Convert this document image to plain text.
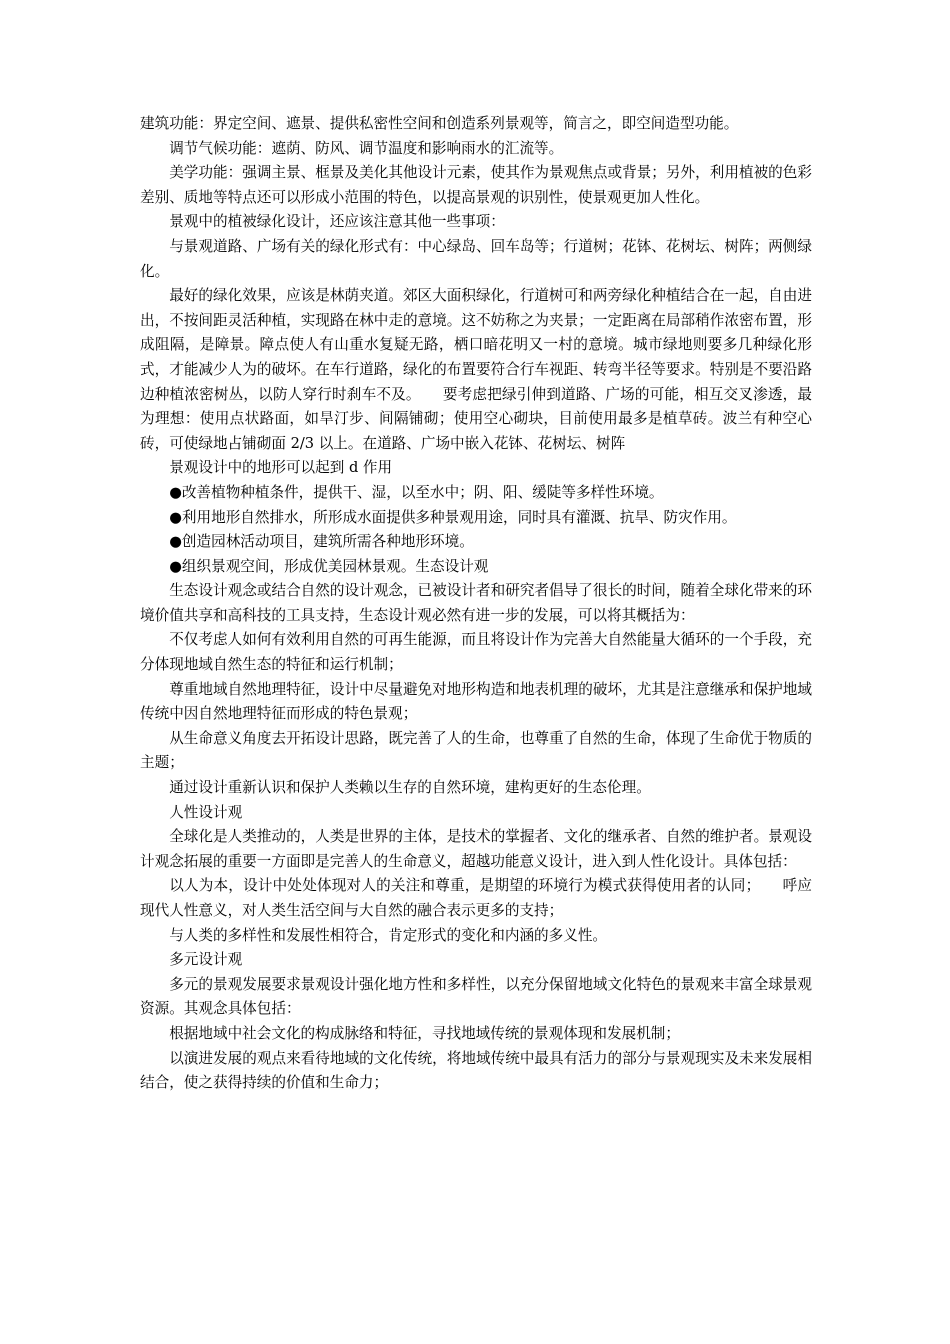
建筑功能：界定空间、遮景、提供私密性空间和创造系列景观等，简言之，即空间造型功能。

调节气候功能：遮荫、防风、调节温度和影响雨水的汇流等。

美学功能：强调主景、框景及美化其他设计元素，使其作为景观焦点或背景；另外，利用植被的色彩差别、质地等特点还可以形成小范围的特色，以提高景观的识别性，使景观更加人性化。

景观中的植被绿化设计，还应该注意其他一些事项：

与景观道路、广场有关的绿化形式有：中心绿岛、回车岛等；行道树；花钵、花树坛、树阵；两侧绿化。

最好的绿化效果，应该是林荫夹道。郊区大面积绿化，行道树可和两旁绿化种植结合在一起，自由进出，不按间距灵活种植，实现路在林中走的意境。这不妨称之为夹景；一定距离在局部稍作浓密布置，形成阻隔，是障景。障点使人有山重水复疑无路，栖口暗花明又一村的意境。城市绿地则要多几种绿化形式，才能减少人为的破坏。在车行道路，绿化的布置要符合行车视距、转弯半径等要求。特别是不要沿路边种植浓密树丛，以防人穿行时刹车不及。　　要考虑把绿引伸到道路、广场的可能，相互交叉渗透，最为理想：使用点状路面，如旱汀步、间隔铺砌；使用空心砌块，目前使用最多是植草砖。波兰有种空心砖，可使绿地占铺砌面 2/3 以上。在道路、广场中嵌入花钵、花树坛、树阵

景观设计中的地形可以起到 d 作用

●改善植物种植条件，提供干、湿，以至水中；阴、阳、缓陡等多样性环境。

●利用地形自然排水，所形成水面提供多种景观用途，同时具有灌溉、抗旱、防灾作用。

●创造园林活动项目，建筑所需各种地形环境。

●组织景观空间，形成优美园林景观。生态设计观

生态设计观念或结合自然的设计观念，已被设计者和研究者倡导了很长的时间，随着全球化带来的环境价值共享和高科技的工具支持，生态设计观必然有进一步的发展，可以将其概括为：

不仅考虑人如何有效利用自然的可再生能源，而且将设计作为完善大自然能量大循环的一个手段，充分体现地域自然生态的特征和运行机制；

尊重地域自然地理特征，设计中尽量避免对地形构造和地表机理的破坏，尤其是注意继承和保护地域传统中因自然地理特征而形成的特色景观；

从生命意义角度去开拓设计思路，既完善了人的生命，也尊重了自然的生命，体现了生命优于物质的主题；

通过设计重新认识和保护人类赖以生存的自然环境，建构更好的生态伦理。

人性设计观

全球化是人类推动的，人类是世界的主体，是技术的掌握者、文化的继承者、自然的维护者。景观设计观念拓展的重要一方面即是完善人的生命意义，超越功能意义设计，进入到人性化设计。具体包括：

以人为本，设计中处处体现对人的关注和尊重，是期望的环境行为模式获得使用者的认同；　　呼应现代人性意义，对人类生活空间与大自然的融合表示更多的支持；

与人类的多样性和发展性相符合，肯定形式的变化和内涵的多义性。

多元设计观

多元的景观发展要求景观设计强化地方性和多样性，以充分保留地域文化特色的景观来丰富全球景观资源。其观念具体包括：

根据地域中社会文化的构成脉络和特征，寻找地域传统的景观体现和发展机制；

以演进发展的观点来看待地域的文化传统，将地域传统中最具有活力的部分与景观现实及未来发展相结合，使之获得持续的价值和生命力；
